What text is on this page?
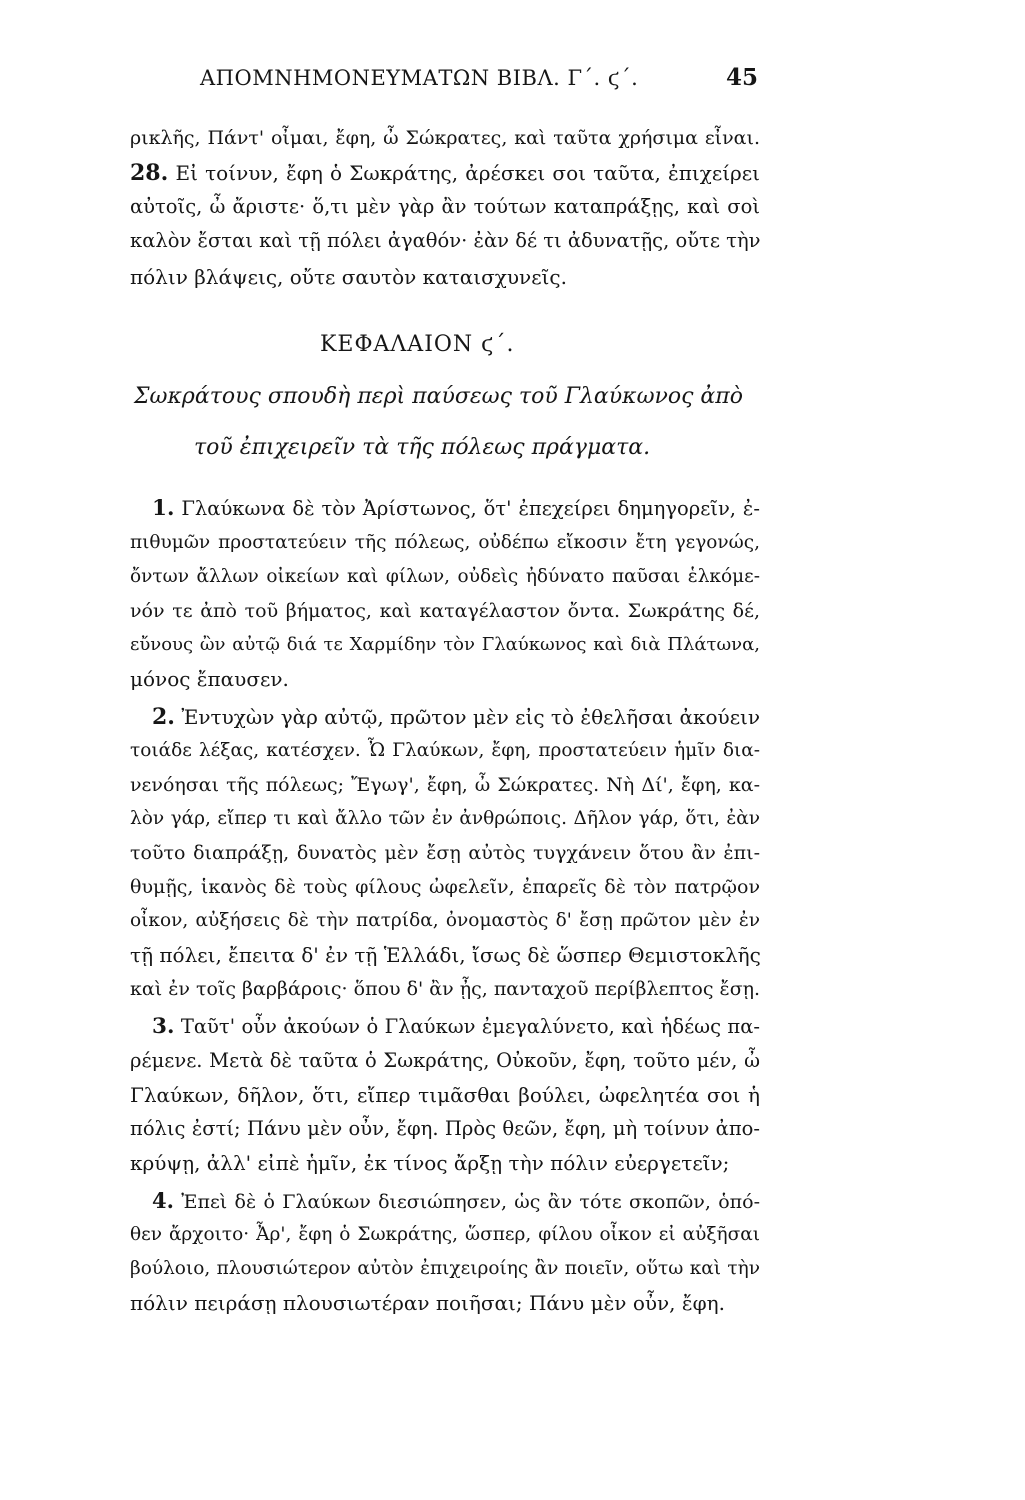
ΑΠΟΜΝΗΜΟΝΕΥΜΑΤΩΝ ΒΙΒΛ. Γ΄. ϛ΄.	45
ρικλῆς, Πάντ' οἶμαι, ἔφη, ὦ Σώκρατες, καὶ ταῦτα χρήσιμα εἶναι.
28. Εἰ τοίνυν, ἔφη ὁ Σωκράτης, ἀρέσκει σοι ταῦτα, ἐπιχείρει
αὐτοῖς, ὦ ἄριστε· ὅ,τι μὲν γὰρ ἂν τούτων καταπράξῃς, καὶ σοὶ
καλὸν ἔσται καὶ τῇ πόλει ἀγαθόν· ἐὰν δέ τι ἀδυνατῇς, οὔτε τὴν
πόλιν βλάψεις, οὔτε σαυτὸν καταισχυνεῖς.
ΚΕΦΑΛΑΙΟΝ ϛ΄.
Σωκράτους σπουδὴ περὶ παύσεως τοῦ Γλαύκωνος ἀπὸ
τοῦ ἐπιχειρεῖν τὰ τῆς πόλεως πράγματα.
1. Γλαύκωνα δὲ τὸν Ἀρίστωνος, ὅτ' ἐπεχείρει δημηγορεῖν, ἐ-
πιθυμῶν προστατεύειν τῆς πόλεως, οὐδέπω εἴκοσιν ἔτη γεγονώς,
ὄντων ἄλλων οἰκείων καὶ φίλων, οὐδεὶς ἠδύνατο παῦσαι ἑλκόμε-
νόν τε ἀπὸ τοῦ βήματος, καὶ καταγέλαστον ὄντα. Σωκράτης δέ,
εὔνους ὢν αὐτῷ διά τε Χαρμίδην τὸν Γλαύκωνος καὶ διὰ Πλάτωνα,
μόνος ἔπαυσεν.
2. Ἐντυχὼν γὰρ αὐτῷ, πρῶτον μὲν εἰς τὸ ἐθελῆσαι ἀκούειν
τοιάδε λέξας, κατέσχεν. Ὦ Γλαύκων, ἔφη, προστατεύειν ἡμῖν δια-
νενόησαι τῆς πόλεως; Ἔγωγ', ἔφη, ὦ Σώκρατες. Νὴ Δί', ἔφη, κα-
λὸν γάρ, εἴπερ τι καὶ ἄλλο τῶν ἐν ἀνθρώποις. Δῆλον γάρ, ὅτι, ἐὰν
τοῦτο διαπράξῃ, δυνατὸς μὲν ἔσῃ αὐτὸς τυγχάνειν ὅτου ἂν ἐπι-
θυμῇς, ἱκανὸς δὲ τοὺς φίλους ὠφελεῖν, ἐπαρεῖς δὲ τὸν πατρῷον
οἶκον, αὐξήσεις δὲ τὴν πατρίδα, ὀνομαστὸς δ' ἔσῃ πρῶτον μὲν ἐν
τῇ πόλει, ἔπειτα δ' ἐν τῇ Ἑλλάδι, ἴσως δὲ ὥσπερ Θεμιστοκλῆς
καὶ ἐν τοῖς βαρβάροις· ὅπου δ' ἂν ᾖς, πανταχοῦ περίβλεπτος ἔσῃ.
3. Ταῦτ' οὖν ἀκούων ὁ Γλαύκων ἐμεγαλύνετο, καὶ ἡδέως πα-
ρέμενε. Μετὰ δὲ ταῦτα ὁ Σωκράτης, Οὐκοῦν, ἔφη, τοῦτο μέν, ὦ
Γλαύκων, δῆλον, ὅτι, εἴπερ τιμᾶσθαι βούλει, ὠφελητέα σοι ἡ
πόλις ἐστί; Πάνυ μὲν οὖν, ἔφη. Πρὸς θεῶν, ἔφη, μὴ τοίνυν ἀπο-
κρύψῃ, ἀλλ' εἰπὲ ἡμῖν, ἐκ τίνος ἄρξῃ τὴν πόλιν εὐεργετεῖν;
4. Ἐπεὶ δὲ ὁ Γλαύκων διεσιώπησεν, ὡς ἂν τότε σκοπῶν, ὁπό-
θεν ἄρχοιτο· Ἆρ', ἔφη ὁ Σωκράτης, ὥσπερ, φίλου οἶκον εἰ αὐξῆσαι
βούλοιο, πλουσιώτερον αὐτὸν ἐπιχειροίης ἂν ποιεῖν, οὕτω καὶ τὴν
πόλιν πειράσῃ πλουσιωτέραν ποιῆσαι; Πάνυ μὲν οὖν, ἔφη.
